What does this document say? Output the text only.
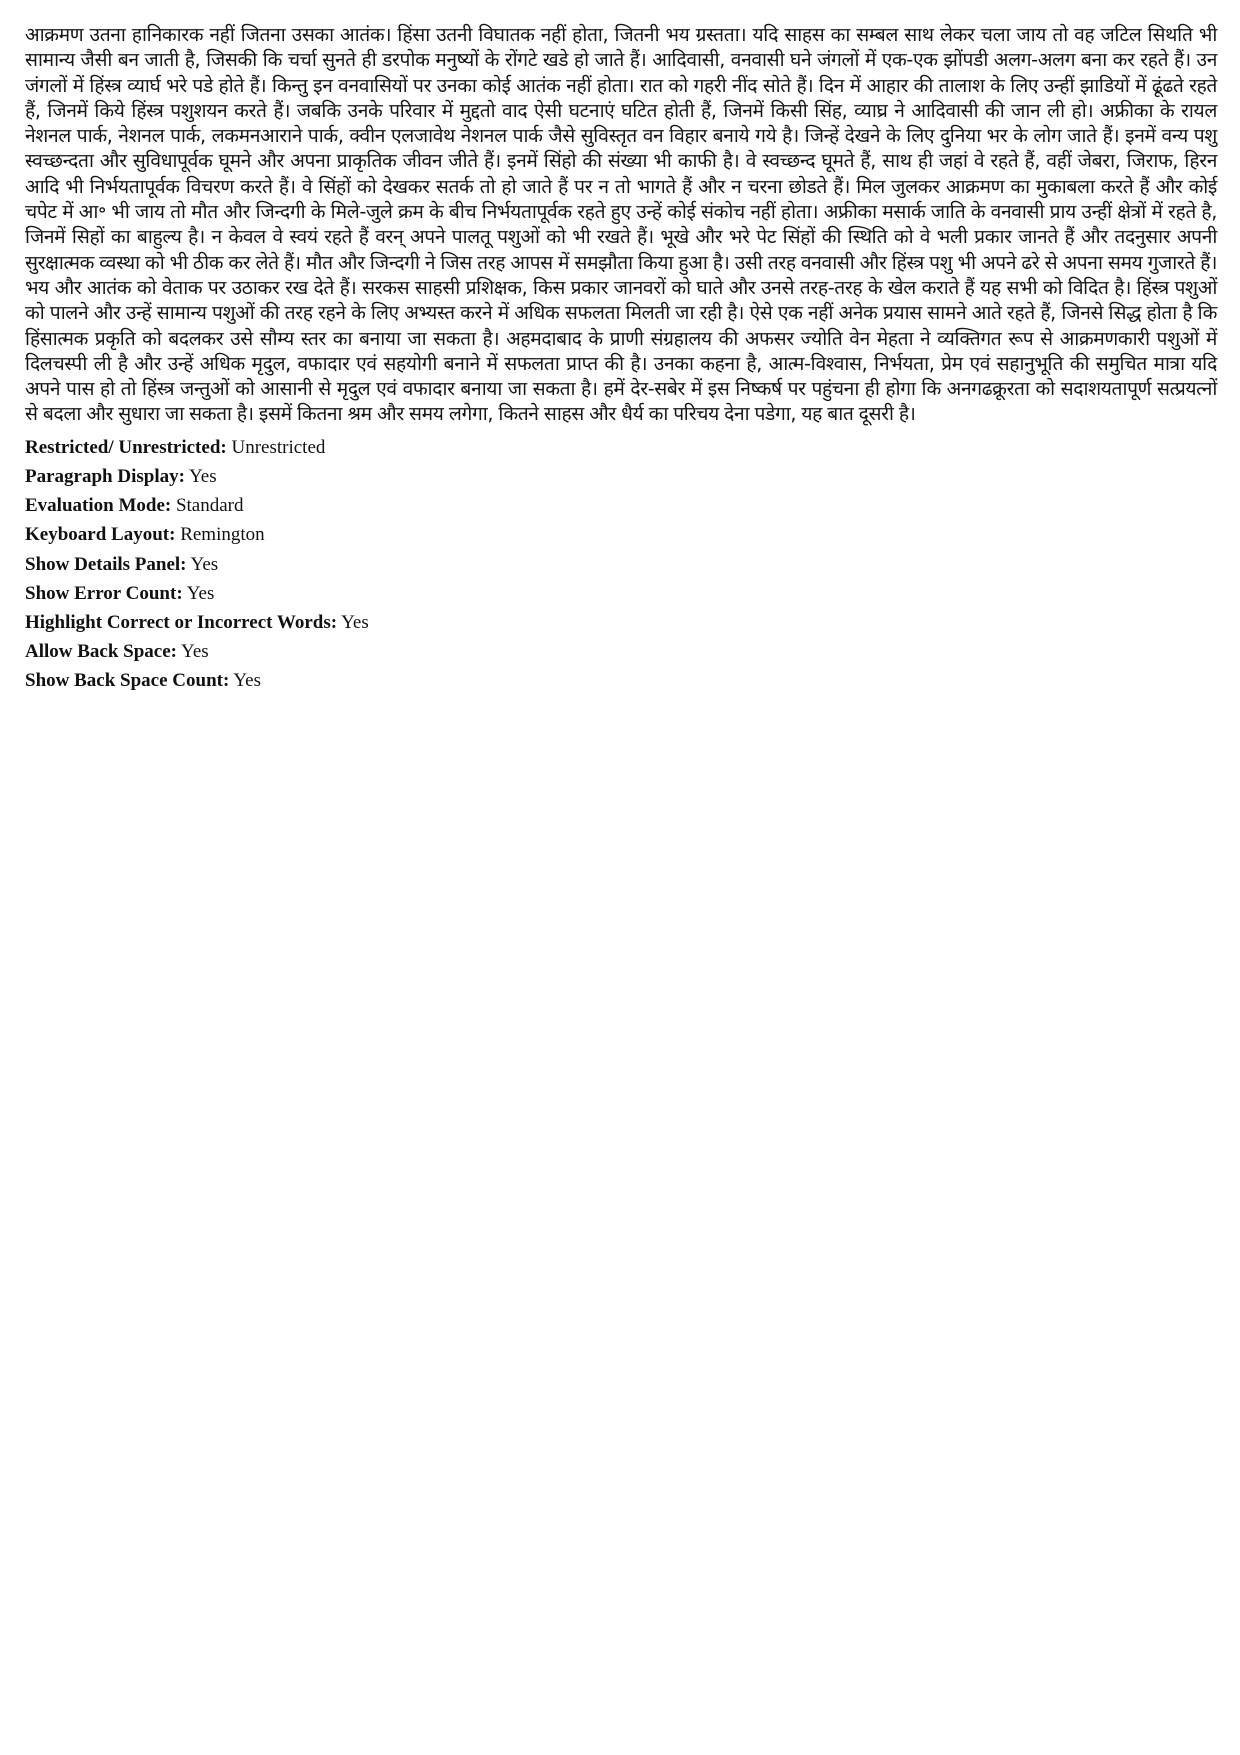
आक्रमण उतना हानिकारक नहीं जितना उसका आतंक। हिंसा उतनी विघातक नहीं होता, जितनी भय ग्रस्तता। यदि साहस का सम्बल साथ लेकर चला जाय तो वह जटिल सिथति भी सामान्य जैसी बन जाती है, जिसकी कि चर्चा सुनते ही डरपोक मनुष्यों के रोंगटे खडे हो जाते हैं। आदिवासी, वनवासी घने जंगलों में एक-एक झोंपडी अलग-अलग बना कर रहते हैं। उन जंगलों में हिंस्त्र व्यार्घ भरे पडे होते हैं। किन्तु इन वनवासियों पर उनका कोई आतंक नहीं होता। रात को गहरी नींद सोते हैं। दिन में आहार की तालाश के लिए उन्हीं झाडियों में ढूंढते रहते हैं, जिनमें किये हिंस्त्र पशुशयन करते हैं। जबकि उनके परिवार में मुद्दतो वाद ऐसी घटनाएं घटित होती हैं, जिनमें किसी सिंह, व्याघ्र ने आदिवासी की जान ली हो। अफ्रीका के रायल नेशनल पार्क, नेशनल पार्क, लकमनआराने पार्क, क्वीन एलजावेथ नेशनल पार्क जैसे सुविस्तृत वन विहार बनाये गये है। जिन्हें देखने के लिए दुनिया भर के लोग जाते हैं। इनमें वन्य पशु स्वच्छन्दता और सुविधापूर्वक घूमने और अपना प्राकृतिक जीवन जीते हैं। इनमें सिंहो की संख्या भी काफी है। वे स्वच्छन्द घूमते हैं, साथ ही जहां वे रहते हैं, वहीं जेबरा, जिराफ, हिरन आदि भी निर्भयतापूर्वक विचरण करते हैं। वे सिंहों को देखकर सतर्क तो हो जाते हैं पर न तो भागते हैं और न चरना छोडते हैं। मिल जुलकर आक्रमण का मुकाबला करते हैं और कोई चपेट में आ॰ भी जाय तो मौत और जिन्दगी के मिले-जुले क्रम के बीच निर्भयतापूर्वक रहते हुए उन्हें कोई संकोच नहीं होता। अफ्रीका मसार्क जाति के वनवासी प्राय उन्हीं क्षेत्रों में रहते है, जिनमें सिहों का बाहुल्य है। न केवल वे स्वयं रहते हैं वरन् अपने पालतू पशुओं को भी रखते हैं। भूखे और भरे पेट सिंहों की स्थिति को वे भली प्रकार जानते हैं और तदनुसार अपनी सुरक्षात्मक व्वस्था को भी ठीक कर लेते हैं। मौत और जिन्दगी ने जिस तरह आपस में समझौता किया हुआ है। उसी तरह वनवासी और हिंस्त्र पशु भी अपने ढरे से अपना समय गुजारते हैं। भय और आतंक को वेताक पर उठाकर रख देते हैं। सरकस साहसी प्रशिक्षक, किस प्रकार जानवरों को घाते और उनसे तरह-तरह के खेल कराते हैं यह सभी को विदित है। हिंस्त्र पशुओं को पालने और उन्हें सामान्य पशुओं की तरह रहने के लिए अभ्यस्त करने में अधिक सफलता मिलती जा रही है। ऐसे एक नहीं अनेक प्रयास सामने आते रहते हैं, जिनसे सिद्ध होता है कि हिंसात्मक प्रकृति को बदलकर उसे सौम्य स्तर का बनाया जा सकता है। अहमदाबाद के प्राणी संग्रहालय की अफसर ज्योति वेन मेहता ने व्यक्तिगत रूप से आक्रमणकारी पशुओं में दिलचस्पी ली है और उन्हें अधिक मृदुल, वफादार एवं सहयोगी बनाने में सफलता प्राप्त की है। उनका कहना है, आत्म-विश्वास, निर्भयता, प्रेम एवं सहानुभूति की समुचित मात्रा यदि अपने पास हो तो हिंस्त्र जन्तुओं को आसानी से मृदुल एवं वफादार बनाया जा सकता है। हमें देर-सबेर में इस निष्कर्ष पर पहुंचना ही होगा कि अनगढक्रूरता को सदाशयतापूर्ण सत्प्रयत्नों से बदला और सुधारा जा सकता है। इसमें कितना श्रम और समय लगेगा, कितने साहस और धैर्य का परिचय देना पडेगा, यह बात दूसरी है।

Restricted/ Unrestricted: Unrestricted
Paragraph Display: Yes
Evaluation Mode: Standard
Keyboard Layout: Remington
Show Details Panel: Yes
Show Error Count: Yes
Highlight Correct or Incorrect Words: Yes
Allow Back Space: Yes
Show Back Space Count: Yes
